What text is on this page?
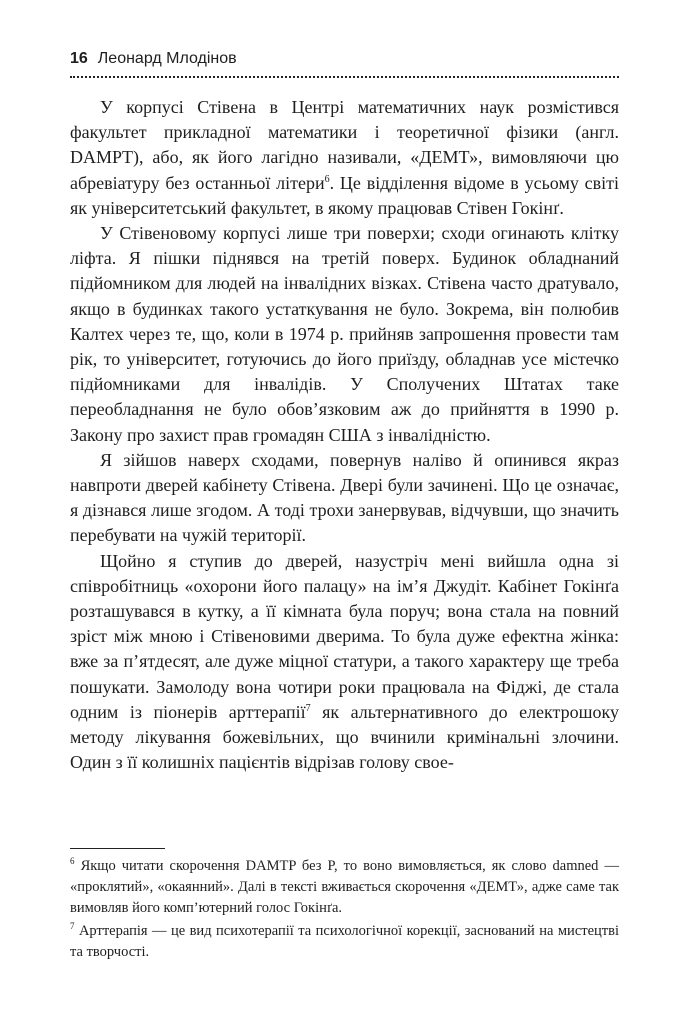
16 Леонард Млодінов

У корпусі Стівена в Центрі математичних наук розмістився факультет прикладної математики і теоретичної фізики (англ. DAMPT), або, як його лагідно називали, «ДЕМТ», вимовляючи цю абревіатуру без останньої літери$^6$. Це відділення відоме в усьому світі як університетський факультет, в якому працював Стівен Гокінґ.

У Стівеновому корпусі лише три поверхи; сходи огинають клітку ліфта. Я пішки піднявся на третій поверх. Будинок обладнаний підйомником для людей на інвалідних візках. Стівена часто дратувало, якщо в будинках такого устаткування не було. Зокрема, він полюбив Калтех через те, що, коли в 1974 р. прийняв запрошення провести там рік, то університет, готуючись до його приїзду, обладнав усе містечко підйомниками для інвалідів. У Сполучених Штатах таке переобладнання не було обов’язковим аж до прийняття в 1990 р. Закону про захист прав громадян США з інвалідністю.

Я зійшов наверх сходами, повернув наліво й опинився якраз навпроти дверей кабінету Стівена. Двері були зачинені. Що це означає, я дізнався лише згодом. А тоді трохи занервував, відчувши, що значить перебувати на чужій території.

Щойно я ступив до дверей, назустріч мені вийшла одна зі співробітниць «охорони його палацу» на ім’я Джудіт. Кабінет Гокінґа розташувався в кутку, а її кімната була поруч; вона стала на повний зріст між мною і Стівеновими дверима. То була дуже ефектна жінка: вже за п’ятдесят, але дуже міцної статури, а такого характеру ще треба пошукати. Замолоду вона чотири роки працювала на Фіджі, де стала одним із піонерів арттерапії$^7$ як альтернативного до електрошоку методу лікування божевільних, що вчинили кримінальні злочини. Один з її колишніх пацієнтів відрізав голову свое-

$^6$ Якщо читати скорочення DAMTP без P, то воно вимовляється, як слово damned — «проклятий», «окаянний». Далі в тексті вживається скорочення «ДЕМТ», адже саме так вимовляв його комп’ютерний голос Гокінґа.

$^7$ Арттерапія — це вид психотерапії та психологічної корекції, заснований на мистецтві та творчості.
